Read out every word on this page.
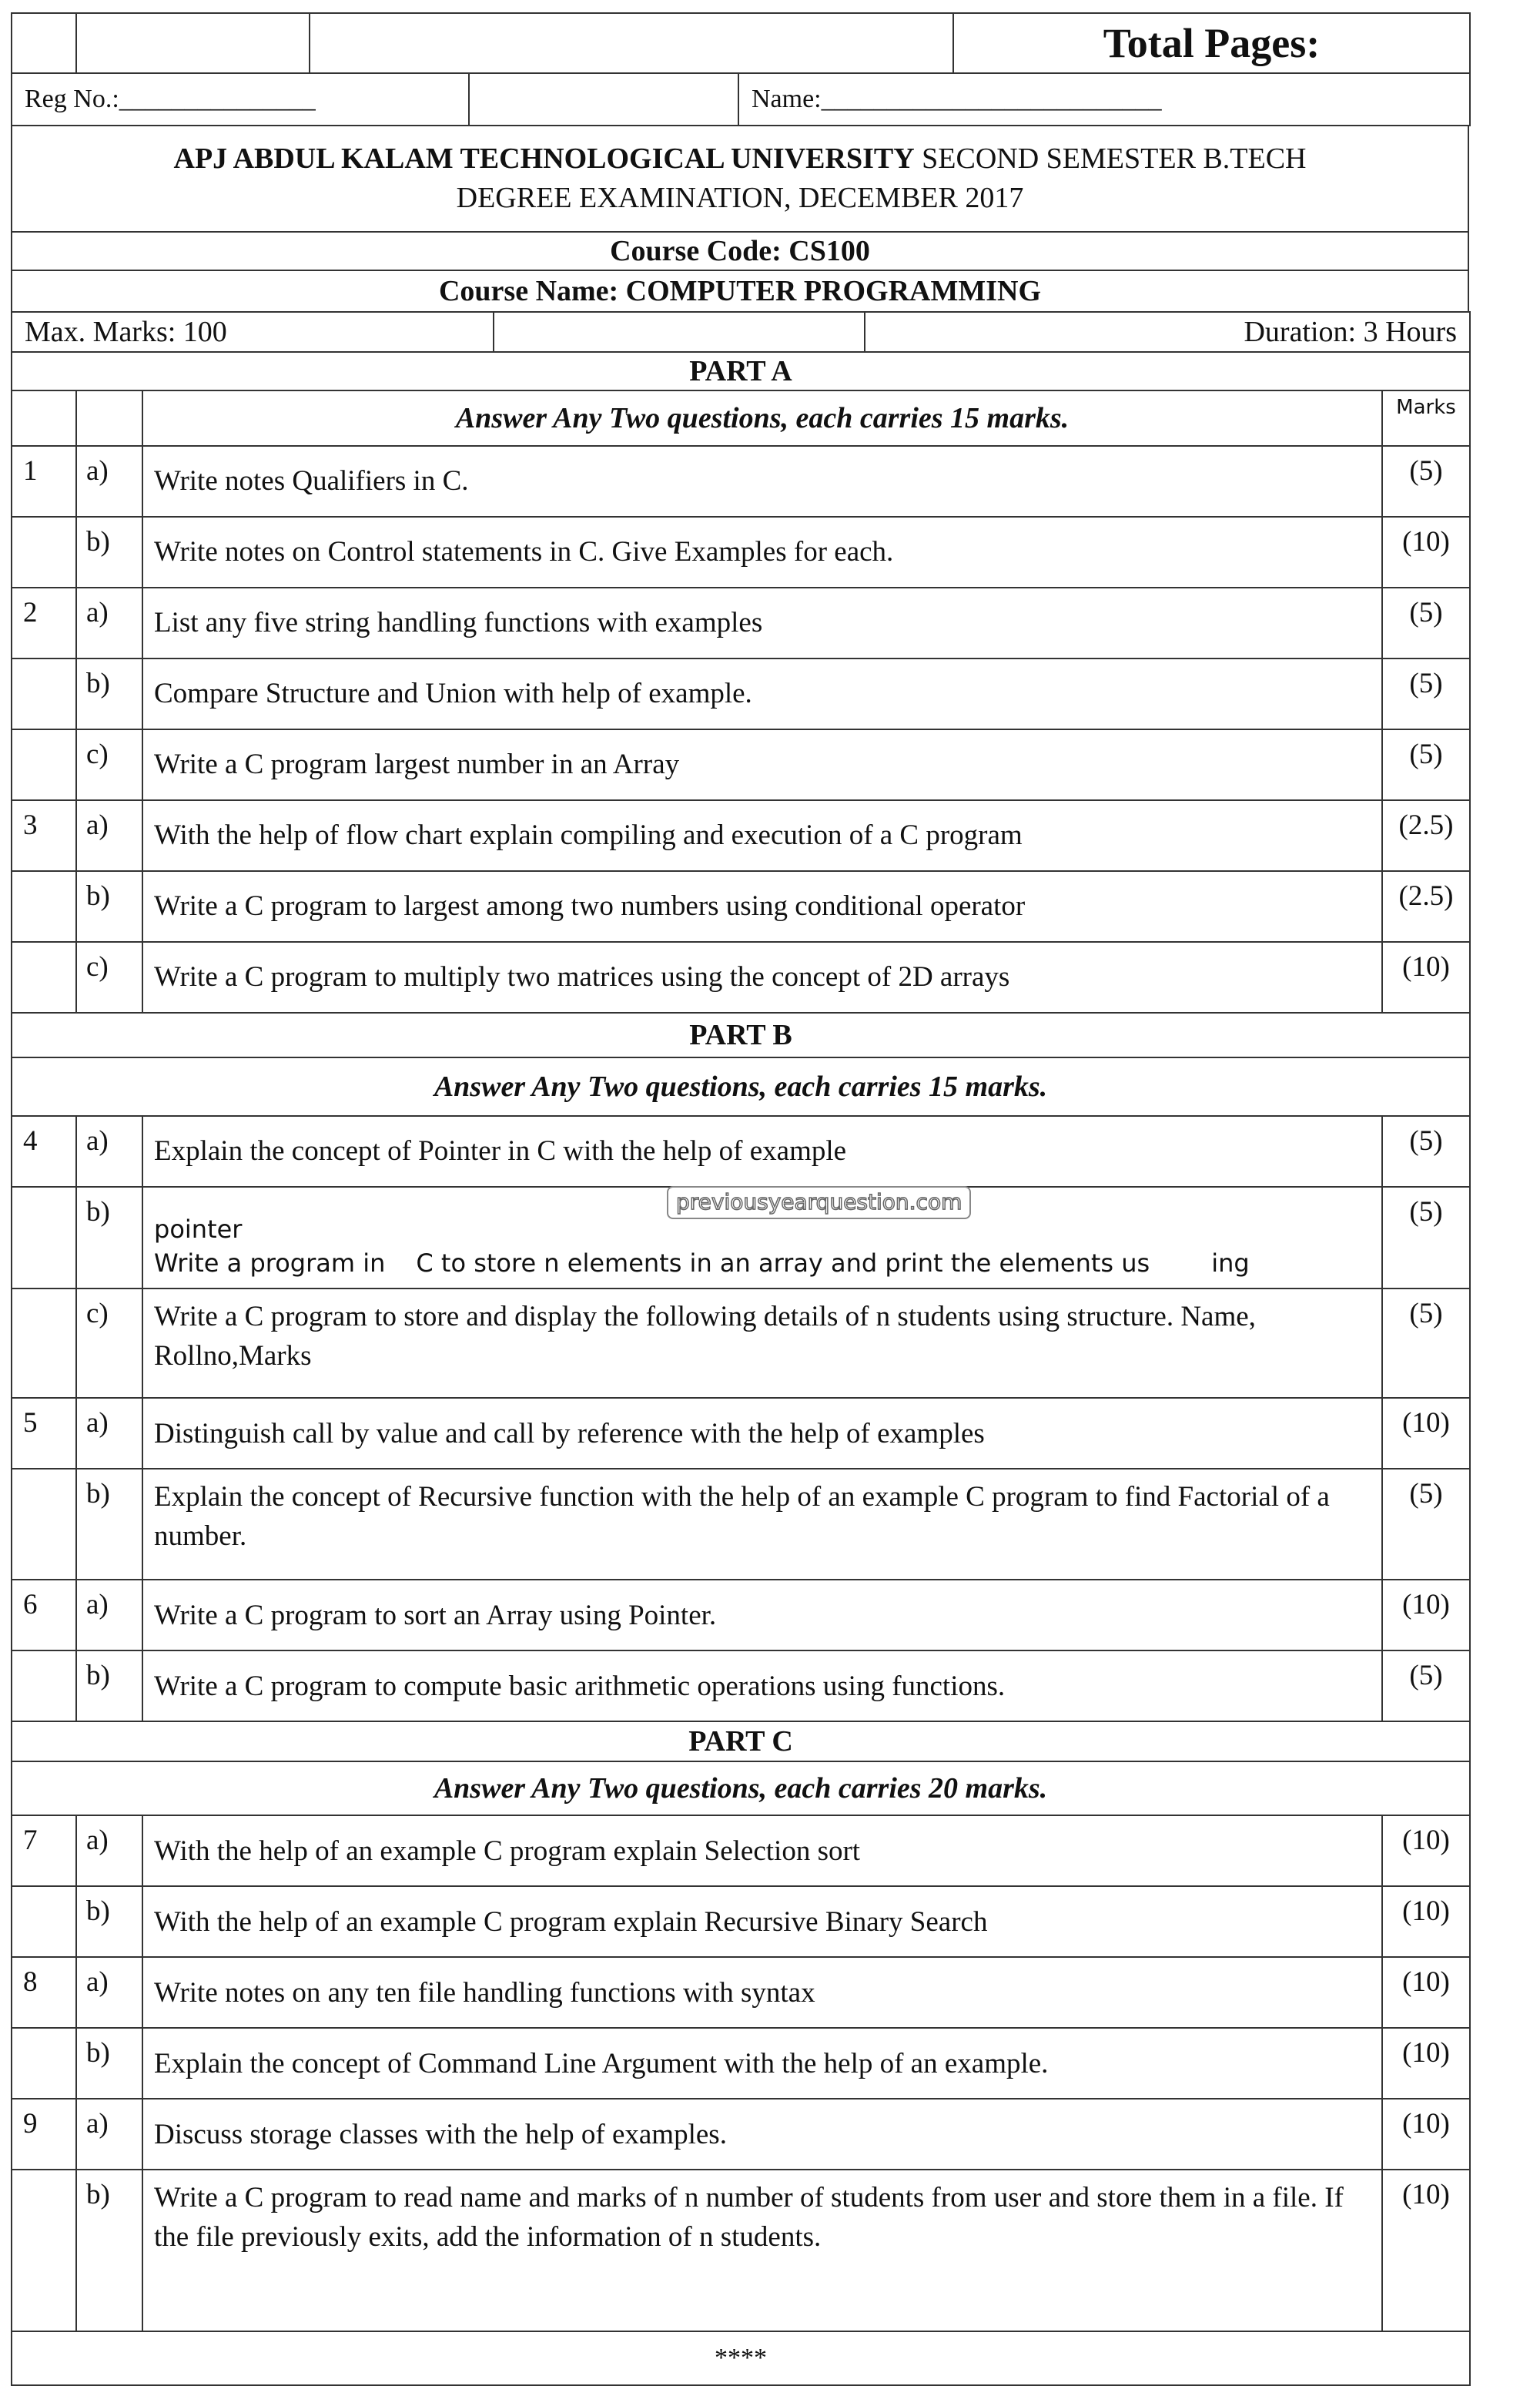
			Total Pages:
Reg No.:_______________		Name:__________________________
APJ ABDUL KALAM TECHNOLOGICAL UNIVERSITY SECOND SEMESTER B.TECH
DEGREE EXAMINATION, DECEMBER 2017
Course Code: CS100
Course Name: COMPUTER PROGRAMMING
Max. Marks: 100		Duration: 3 Hours
PART A			
		Answer Any Two questions, each carries 15 marks.	Marks
1	a)	Write notes Qualifiers in C.	(5)
	b)	Write notes on Control statements in C. Give Examples for each.	(10)
2	a)	List any five string handling functions with examples	(5)
	b)	Compare Structure and Union with help of example.	(5)
	c)	Write a C program largest number in an Array	(5)
3	a)	With the help of flow chart explain compiling and execution of a C program	(2.5)
	b)	Write a C program to largest among two numbers using conditional operator	(2.5)
	c)	Write a C program to multiply two matrices using the concept of 2D arrays	(10)
PART B			
Answer Any Two questions, each carries 15 marks.			
4	a)	Explain the concept of Pointer in C with the help of example	(5)
	b)	previousyearquestion.com
pointer
Write a program in C to store n elements in an array and print the elements us ing	(5)
	c)	Write a C program to store and display the following details of n students using structure. Name, Rollno,Marks	(5)
5	a)	Distinguish call by value and call by reference with the help of examples	(10)
	b)	Explain the concept of Recursive function with the help of an example C program to find Factorial of a number.	(5)
6	a)	Write a C program to sort an Array using Pointer.	(10)
	b)	Write a C program to compute basic arithmetic operations using functions.	(5)
PART C			
Answer Any Two questions, each carries 20 marks.			
7	a)	With the help of an example C program explain Selection sort	(10)
	b)	With the help of an example C program explain Recursive Binary Search	(10)
8	a)	Write notes on any ten file handling functions with syntax	(10)
	b)	Explain the concept of Command Line Argument with the help of an example.	(10)
9	a)	Discuss storage classes with the help of examples.	(10)
	b)	Write a C program to read name and marks of n number of students from user and store them in a file. If the file previously exits, add the information of n students.	(10)
****			
